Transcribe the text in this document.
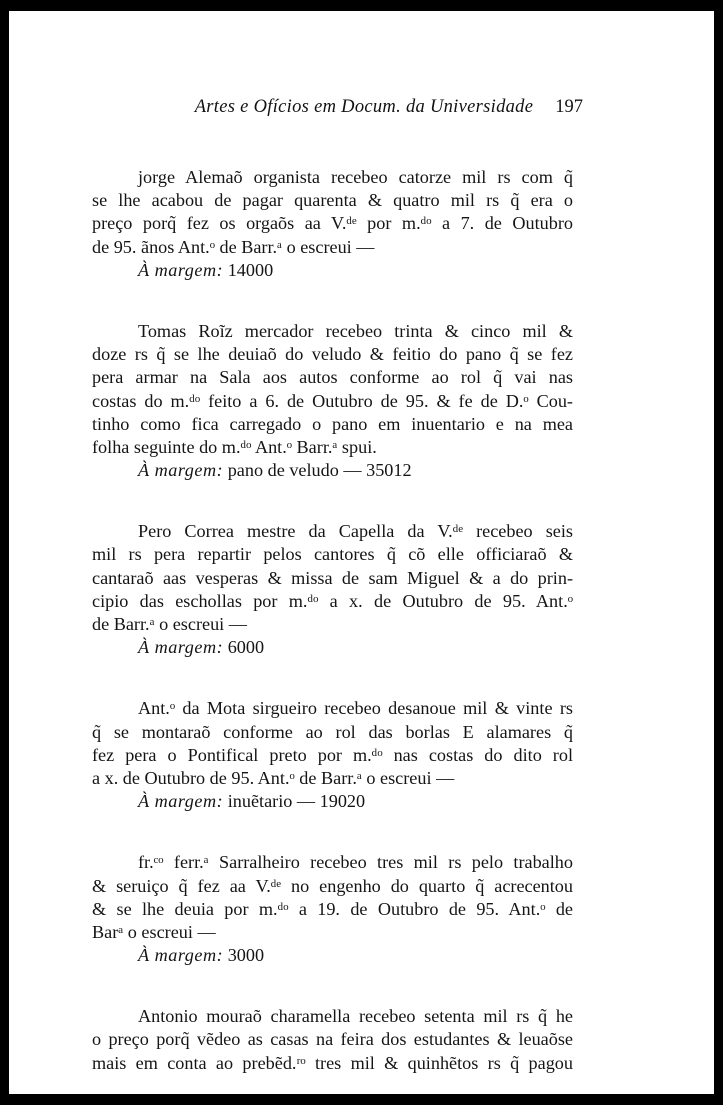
Artes e Ofícios em Docum. da Universidade 197
jorge Alemaõ organista recebeo catorze mil rs com q̃
se lhe acabou de pagar quarenta & quatro mil rs q̃ era o
preço porq̃ fez os orgaõs aa V.ᵈᵉ por m.ᵈᵒ a 7. de Outubro
de 95. ãnos Ant.ᵒ de Barr.ᵃ o escreui —
À margem: 14000
Tomas Roĩz mercador recebeo trinta & cinco mil &
doze rs q̃ se lhe deuiaõ do veludo & feitio do pano q̃ se fez
pera armar na Sala aos autos conforme ao rol q̃ vai nas
costas do m.ᵈᵒ feito a 6. de Outubro de 95. & fe de D.ᵒ Cou-
tinho como fica carregado o pano em inuentario e na mea
folha seguinte do m.ᵈᵒ Ant.ᵒ Barr.ᵃ spui.
À margem: pano de veludo — 35012
Pero Correa mestre da Capella da V.ᵈᵉ recebeo seis
mil rs pera repartir pelos cantores q̃ cõ elle officiaraõ &
cantaraõ aas vesperas & missa de sam Miguel & a do prin-
cipio das eschollas por m.ᵈᵒ a x. de Outubro de 95. Ant.ᵒ
de Barr.ᵃ o escreui —
À margem: 6000
Ant.ᵒ da Mota sirgueiro recebeo desanoue mil & vinte rs
q̃ se montaraõ conforme ao rol das borlas E alamares q̃
fez pera o Pontifical preto por m.ᵈᵒ nas costas do dito rol
a x. de Outubro de 95. Ant.ᵒ de Barr.ᵃ o escreui —
À margem: inuẽtario — 19020
fr.ᶜᵒ ferr.ᵃ Sarralheiro recebeo tres mil rs pelo trabalho
& seruiço q̃ fez aa V.ᵈᵉ no engenho do quarto q̃ acrecentou
& se lhe deuia por m.ᵈᵒ a 19. de Outubro de 95. Ant.ᵒ de
Barᵃ o escreui —
À margem: 3000
Antonio mouraõ charamella recebeo setenta mil rs q̃ he
o preço porq̃ vẽdeo as casas na feira dos estudantes & leuaõse
mais em conta ao prebẽd.ʳᵒ tres mil & quinhẽtos rs q̃ pagou
